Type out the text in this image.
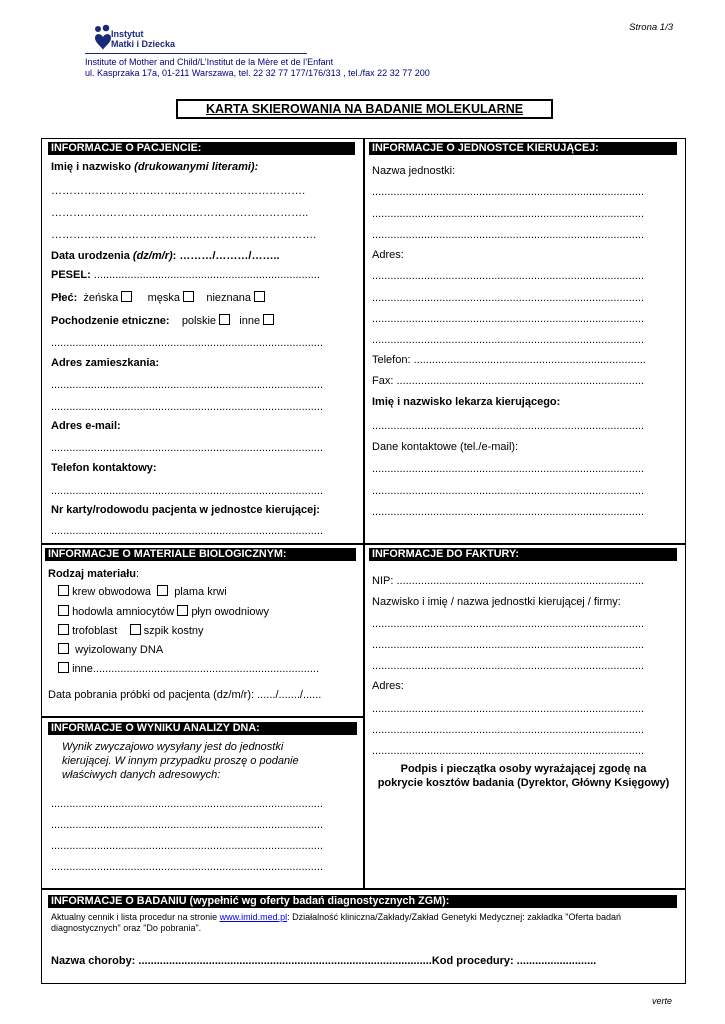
Strona 1/3
Instytut
Matki i Dziecka
Institute of Mother and Child/L’Institut de la Mère et de l’Enfant
ul. Kasprzaka 17a, 01-211 Warszawa, tel. 22 32 77 177/176/313 , tel./fax 22 32 77 200
KARTA SKIEROWANIA NA BADANIE MOLEKULARNE
INFORMACJE O PACJENCIE:
Imię i nazwisko (drukowanymi literami):
……………………….……..…………………………….
…………………………….…..…………………………..
…………………………….…..…………………………….
Data urodzenia (dz/m/r): ………/………/……..
PESEL: ..........................................................................
Płeć: żeńska	męska nieznana
Pochodzenie etniczne: polskie inne
.........................................................................................
Adres zamieszkania:
.........................................................................................
.........................................................................................
Adres e-mail:
.........................................................................................
Telefon kontaktowy:
.........................................................................................
Nr karty/rodowodu pacjenta w jednostce kierującej:
.........................................................................................
INFORMACJE O JEDNOSTCE KIERUJĄCEJ:
Nazwa jednostki:
.........................................................................................
.........................................................................................
.........................................................................................
Adres:
.........................................................................................
.........................................................................................
.........................................................................................
.........................................................................................
Telefon: ............................................................................
Fax: .................................................................................
Imię i nazwisko lekarza kierującego:
.........................................................................................
Dane kontaktowe (tel./e-mail):
.........................................................................................
.........................................................................................
.........................................................................................
INFORMACJE O MATERIALE BIOLOGICZNYM:
Rodzaj materiału:
krew obwodowa plama krwi
hodowla amniocytów płyn owodniowy
trofoblast szpik kostny
wyizolowany DNA
inne..........................................................................
Data pobrania próbki od pacjenta (dz/m/r): ....../......./......
INFORMACJE O WYNIKU ANALIZY DNA:
Wynik zwyczajowo wysyłany jest do jednostki
kierującej. W innym przypadku proszę o podanie
właściwych danych adresowych:
.........................................................................................
.........................................................................................
.........................................................................................
.........................................................................................
INFORMACJE DO FAKTURY:
NIP: .................................................................................
Nazwisko i imię / nazwa jednostki kierującej / firmy:
.........................................................................................
.........................................................................................
.........................................................................................
Adres:
.........................................................................................
.........................................................................................
.........................................................................................
Podpis i pieczątka osoby wyrażającej zgodę na
pokrycie kosztów badania (Dyrektor, Główny Księgowy)
INFORMACJE O BADANIU (wypełnić wg oferty badań diagnostycznych ZGM):
Aktualny cennik i lista procedur na stronie www.imid.med.pl: Działalność kliniczna/Zakłady/Zakład Genetyki Medycznej: zakładka "Oferta badań
diagnostycznych" oraz "Do pobrania".
Nazwa choroby: ................................................................................................Kod procedury: ..........................
verte
